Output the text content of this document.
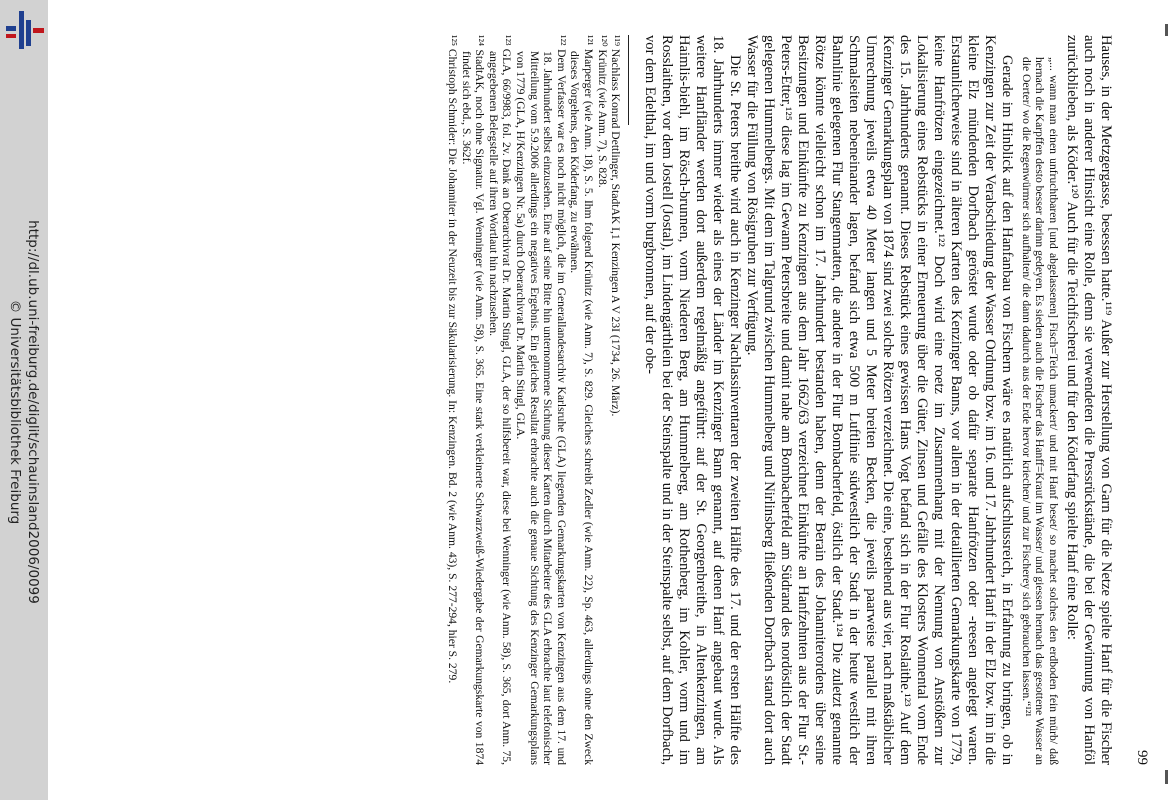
http://dl.ub.uni-freiburg.de/diglit/schauinsland2006/0099
© Universitätsbibliothek Freiburg
99

Hauses, in der Metzgergasse, besessen hatte.¹¹⁹ Außer zur Herstellung von Garn für die Netze spielte Hanf für die Fischer auch noch in anderer Hinsicht eine Rolle, denn sie verwendeten die Pressrückstände, die bei der Gewinnung von Hanföl zurückblieben, als Köder.¹²⁰ Auch für die Teichfischerei und für den Köderfang spielte Hanf eine Rolle:

„... wann man einen unfruchtbaren [und abgelassenen] Fisch=Teich umackert/ und mit Hanf beset/ so machet solches den erdboden fein mürb/ daß hernach die Karpffen desto besser darinn gedeyen. Es sieden auch die Fischer das Hanff=Kraut im Wasser/ und giessen hernach das gesottene Wasser an die Oerter/ wo die Regenwürmer sich aufhalten/ die dann dadurch aus der Erde hervor kriechen/ und zur Fischerey sich gebrauchen lassen.“¹²¹

Gerade im Hinblick auf den Hanfanbau von Fischern wäre es natürlich aufschlussreich, in Erfahrung zu bringen, ob in Kenzingen zur Zeit der Verabschiedung der Wasser Ordnung bzw. im 16. und 17. Jahrhundert Hanf in der Elz bzw. im in die kleine Elz mündenden Dorfbach geröstet wurde oder ob dafür separate Hanfrötzen oder -reesen angelegt waren. Erstaunlicherweise sind in älteren Karten des Kenzinger Banns, vor allem in der detaillierten Gemarkungskarte von 1779, keine Hanfrötzen eingezeichnet.¹²² Doch wird eine roetz im Zusammenhang mit der Nennung von Anstößern zur Lokalisierung eines Rebstücks in einer Erneuerung über die Güter, Zinsen und Gefälle des Klosters Wonnental vom Ende des 15. Jahrhunderts genannt. Dieses Rebstück eines gewissen Hans Vogt befand sich in der Flur Roslaithe.¹²³ Auf dem Kenzinger Gemarkungsplan von 1874 sind zwei solche Rötzen verzeichnet. Die eine, bestehend aus vier, nach maßstäblicher Umrechnung jeweils etwa 40 Meter langen und 5 Meter breiten Becken, die jeweils paarweise parallel mit ihren Schmalseiten nebeneinander lagen, befand sich etwa 500 m Luftlinie südwestlich der Stadt in der heute westlich der Bahnlinie gelegenen Flur Stangenmatten, die andere in der Flur Bombacherfeld, östlich der Stadt.¹²⁴ Die zuletzt genannte Rötze könnte vielleicht schon im 17. Jahrhundert bestanden haben, denn der Berain des Johanniterordens über seine Besitzungen und Einkünfte zu Kenzingen aus dem Jahr 1662/63 verzeichnet Einkünfte an Hanfzehnten aus der Flur St.-Peters-Etter,¹²⁵ diese lag im Gewann Petersbreite und damit nahe am Bombacherfeld am Südrand des nordöstlich der Stadt gelegenen Hummelbergs. Mit dem im Talgrund zwischen Hummelberg und Nirlinsberg fließenden Dorfbach stand dort auch Wasser für die Füllung von Rösigruben zur Verfügung.

Die St. Peters breithe wird auch in Kenzinger Nachlassinventaren der zweiten Hälfte des 17. und der ersten Hälfte des 18. Jahrhunderts immer wieder als eines der Länder im Kenzinger Bann genannt, auf denen Hanf angebaut wurde. Als weitere Hanfländer werden dort außerdem regelmäßig angeführt: auf der St. Georgenbreithe, in Altenkenzingen, am Haimlis-biehl, im Rösch-brunnen, vorm Niederen Berg, am Hummelberg, am Rothenberg, im Kohler, vorm und im Rosslaithen, vor dem Jostell (Jostal), im Lindengärthlein bei der Steinspalte und in der Steinspalte selbst, auf dem Dorfbach, vor dem Edelthal, im und vorm burgbronnen, auf der obe-

¹¹⁹ Nachlass Konrad Dettlinger, StadtAK I,1 Kenzingen A V 23I (1734, 26. März).
¹²⁰ Krünitz (wie Anm. 7), S. 828.
¹²¹ Marperger (wie Anm. 18), S. 5. Ihm folgend Krünitz (wie Anm. 7), S. 829. Gleiches schreibt Zedler (wie Anm. 22), Sp. 463, allerdings ohne den Zweck dieses Vorgehens, den Köderfang, zu erwähnen.
¹²² Dem Verfasser war es noch nicht möglich, die im Generallandesarchiv Karlsruhe (GLA) liegenden Gemarkungskarten von Kenzingen aus dem 17. und 18. Jahrhundert selbst einzusehen. Eine auf seine Bitte hin unternommene Sichtung dieser Karten durch Mitarbeiter des GLA erbrachte laut telefonischer Mitteilung vom 5.9.2006 allerdings ein negatives Ergebnis. Ein gleiches Resultat erbrachte auch die genaue Sichtung des Kenzinger Gemarkungsplans von 1779 (GLA, H/Kenzingen Nr. 5a) durch Oberarchivrat Dr. Martin Stingl, GLA.
¹²³ GLA, 66/9983, fol. 2v. Dank an Oberarchivrat Dr. Martin Stingl, GLA, der so hilfsbereit war, diese bei Wenninger (wie Anm. 58), S. 365, dort Anm. 75, angegebenen Belegstelle auf ihren Wortlaut hin nachzusehen.
¹²⁴ StadtAK, noch ohne Signatur. Vgl. Wenninger (wie Anm. 58), S. 365. Eine stark verkleinerte Schwarzweiß-Wiedergabe der Gemarkungskarte von 1874 findet sich ebd., S. 362f.
¹²⁵ Christoph Schmider: Die Johanniter in der Neuzeit bis zur Säkularisierung. In: Kenzingen. Bd. 2 (wie Anm. 43), S. 277-294, hier S. 279.
